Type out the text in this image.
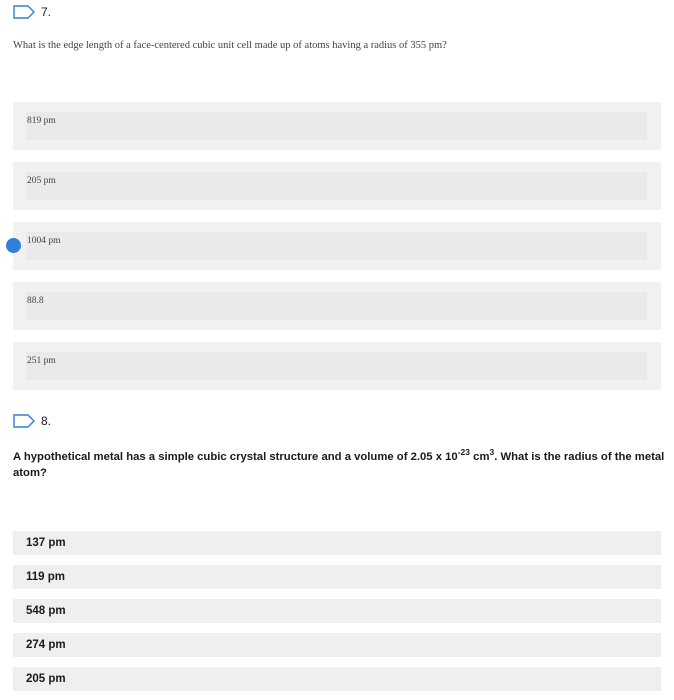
7.
What is the edge length of a face-centered cubic unit cell made up of atoms having a radius of 355 pm?
819 pm
205 pm
1004 pm
88.8
251 pm
8.
A hypothetical metal has a simple cubic crystal structure and a volume of 2.05 x $10^{-23}$ $cm^3$. What is the radius of the metal atom?
137 pm
119 pm
548 pm
274 pm
205 pm
